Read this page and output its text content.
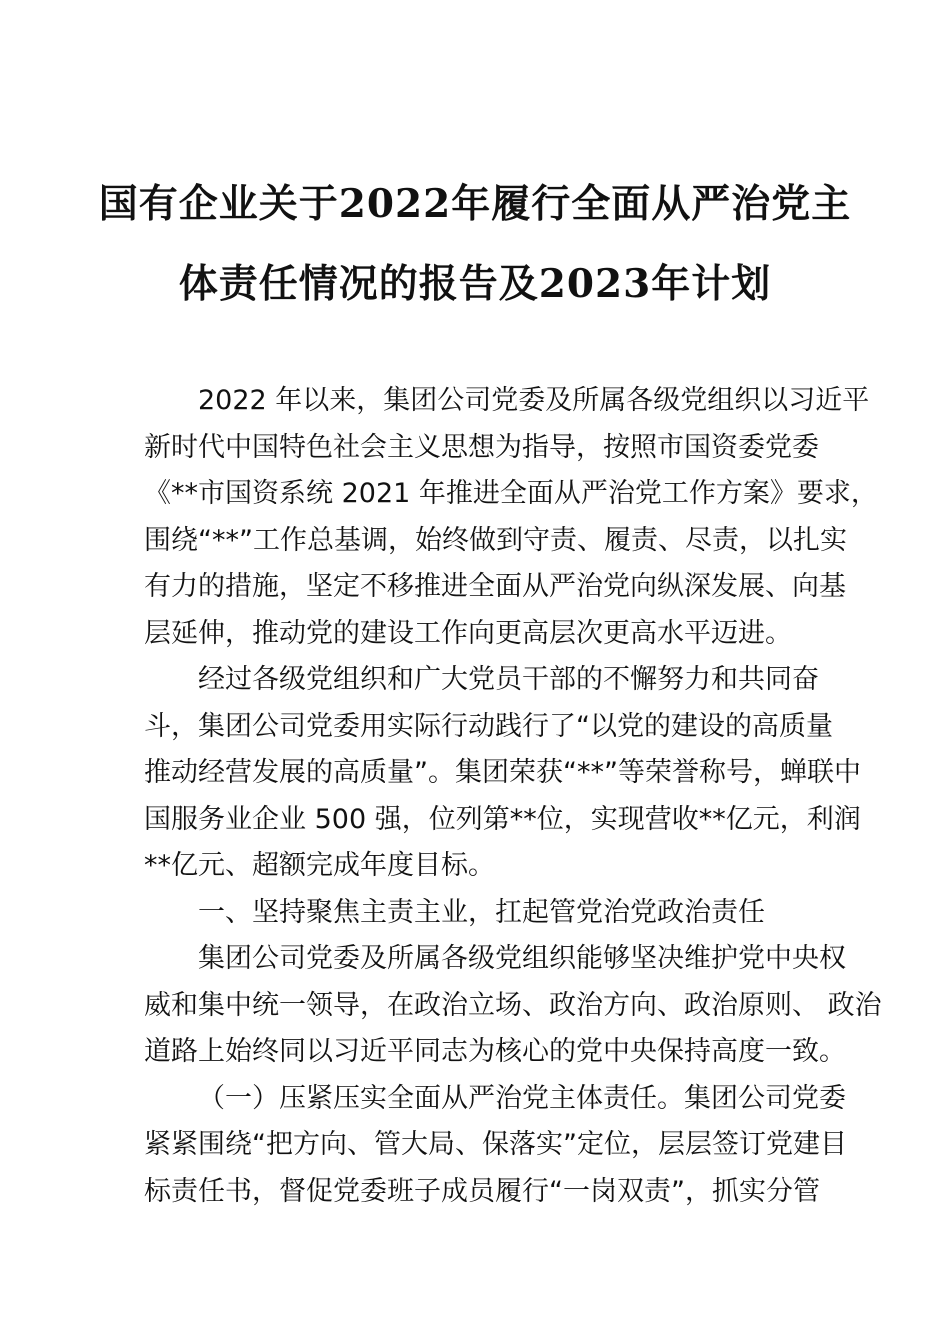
国有企业关于2022年履行全面从严治党主
体责任情况的报告及2023年计划
2022 年以来，集团公司党委及所属各级党组织以习近平
新时代中国特色社会主义思想为指导，按照市国资委党委
《**市国资系统 2021 年推进全面从严治党工作方案》要求，
围绕“**”工作总基调，始终做到守责、履责、尽责，以扎实
有力的措施，坚定不移推进全面从严治党向纵深发展、向基
层延伸，推动党的建设工作向更高层次更高水平迈进。
经过各级党组织和广大党员干部的不懈努力和共同奋
斗，集团公司党委用实际行动践行了“以党的建设的高质量
推动经营发展的高质量”。集团荣获“**”等荣誉称号，蝉联中
国服务业企业 500 强，位列第**位，实现营收**亿元，利润
**亿元、超额完成年度目标。
一、坚持聚焦主责主业，扛起管党治党政治责任
集团公司党委及所属各级党组织能够坚决维护党中央权
威和集中统一领导，在政治立场、政治方向、政治原则、 政治
道路上始终同以习近平同志为核心的党中央保持高度一致。
（一）压紧压实全面从严治党主体责任。集团公司党委
紧紧围绕“把方向、管大局、保落实”定位，层层签订党建目
标责任书，督促党委班子成员履行“一岗双责”，抓实分管
